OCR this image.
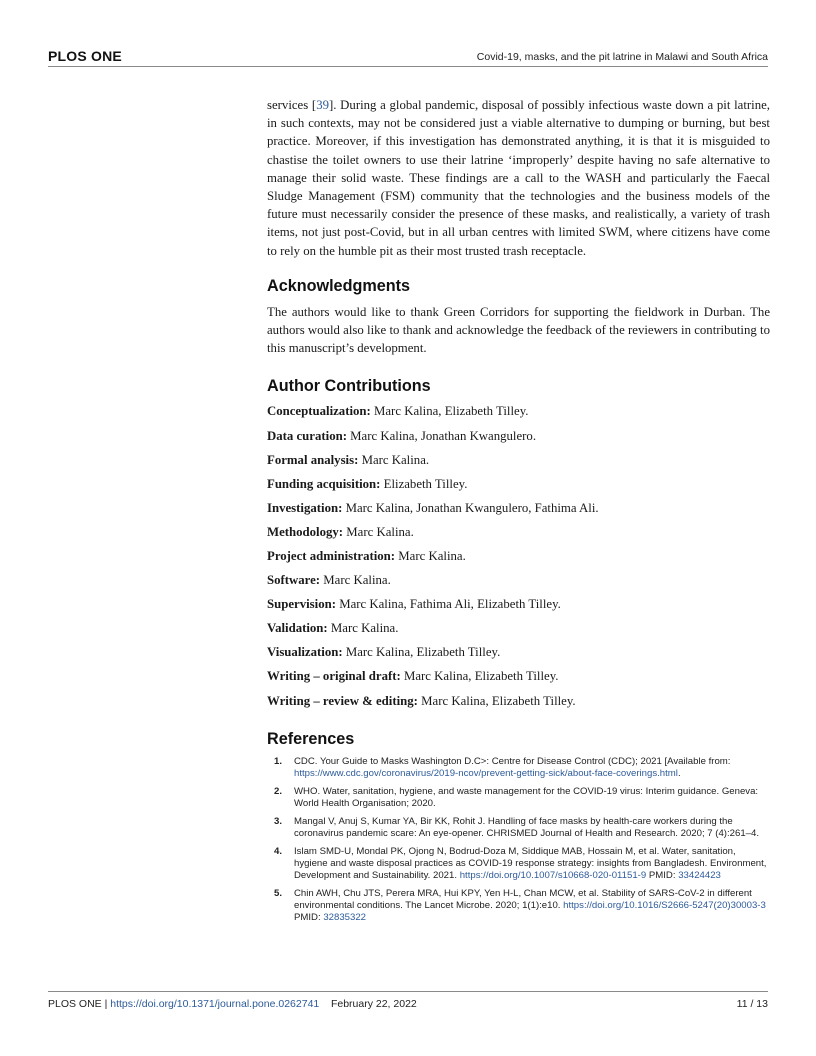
PLOS ONE	Covid-19, masks, and the pit latrine in Malawi and South Africa

services [39]. During a global pandemic, disposal of possibly infectious waste down a pit latrine, in such contexts, may not be considered just a viable alternative to dumping or burning, but best practice. Moreover, if this investigation has demonstrated anything, it is that it is misguided to chastise the toilet owners to use their latrine ‘improperly’ despite having no safe alternative to manage their solid waste. These findings are a call to the WASH and particularly the Faecal Sludge Management (FSM) community that the technologies and the business models of the future must necessarily consider the presence of these masks, and realistically, a variety of trash items, not just post-Covid, but in all urban centres with limited SWM, where citizens have come to rely on the humble pit as their most trusted trash receptacle.

Acknowledgments

The authors would like to thank Green Corridors for supporting the fieldwork in Durban. The authors would also like to thank and acknowledge the feedback of the reviewers in contributing to this manuscript’s development.

Author Contributions
Conceptualization: Marc Kalina, Elizabeth Tilley.
Data curation: Marc Kalina, Jonathan Kwangulero.
Formal analysis: Marc Kalina.
Funding acquisition: Elizabeth Tilley.
Investigation: Marc Kalina, Jonathan Kwangulero, Fathima Ali.
Methodology: Marc Kalina.
Project administration: Marc Kalina.
Software: Marc Kalina.
Supervision: Marc Kalina, Fathima Ali, Elizabeth Tilley.
Validation: Marc Kalina.
Visualization: Marc Kalina, Elizabeth Tilley.
Writing – original draft: Marc Kalina, Elizabeth Tilley.
Writing – review & editing: Marc Kalina, Elizabeth Tilley.
References
1. CDC. Your Guide to Masks Washington D.C>: Centre for Disease Control (CDC); 2021 [Available from: https://www.cdc.gov/coronavirus/2019-ncov/prevent-getting-sick/about-face-coverings.html.
2. WHO. Water, sanitation, hygiene, and waste management for the COVID-19 virus: Interim guidance. Geneva: World Health Organisation; 2020.
3. Mangal V, Anuj S, Kumar YA, Bir KK, Rohit J. Handling of face masks by health-care workers during the coronavirus pandemic scare: An eye-opener. CHRISMED Journal of Health and Research. 2020; 7 (4):261–4.
4. Islam SMD-U, Mondal PK, Ojong N, Bodrud-Doza M, Siddique MAB, Hossain M, et al. Water, sanitation, hygiene and waste disposal practices as COVID-19 response strategy: insights from Bangladesh. Environment, Development and Sustainability. 2021. https://doi.org/10.1007/s10668-020-01151-9 PMID: 33424423
5. Chin AWH, Chu JTS, Perera MRA, Hui KPY, Yen H-L, Chan MCW, et al. Stability of SARS-CoV-2 in different environmental conditions. The Lancet Microbe. 2020; 1(1):e10. https://doi.org/10.1016/S2666-5247(20)30003-3 PMID: 32835322
PLOS ONE | https://doi.org/10.1371/journal.pone.0262741 February 22, 2022	11 / 13
